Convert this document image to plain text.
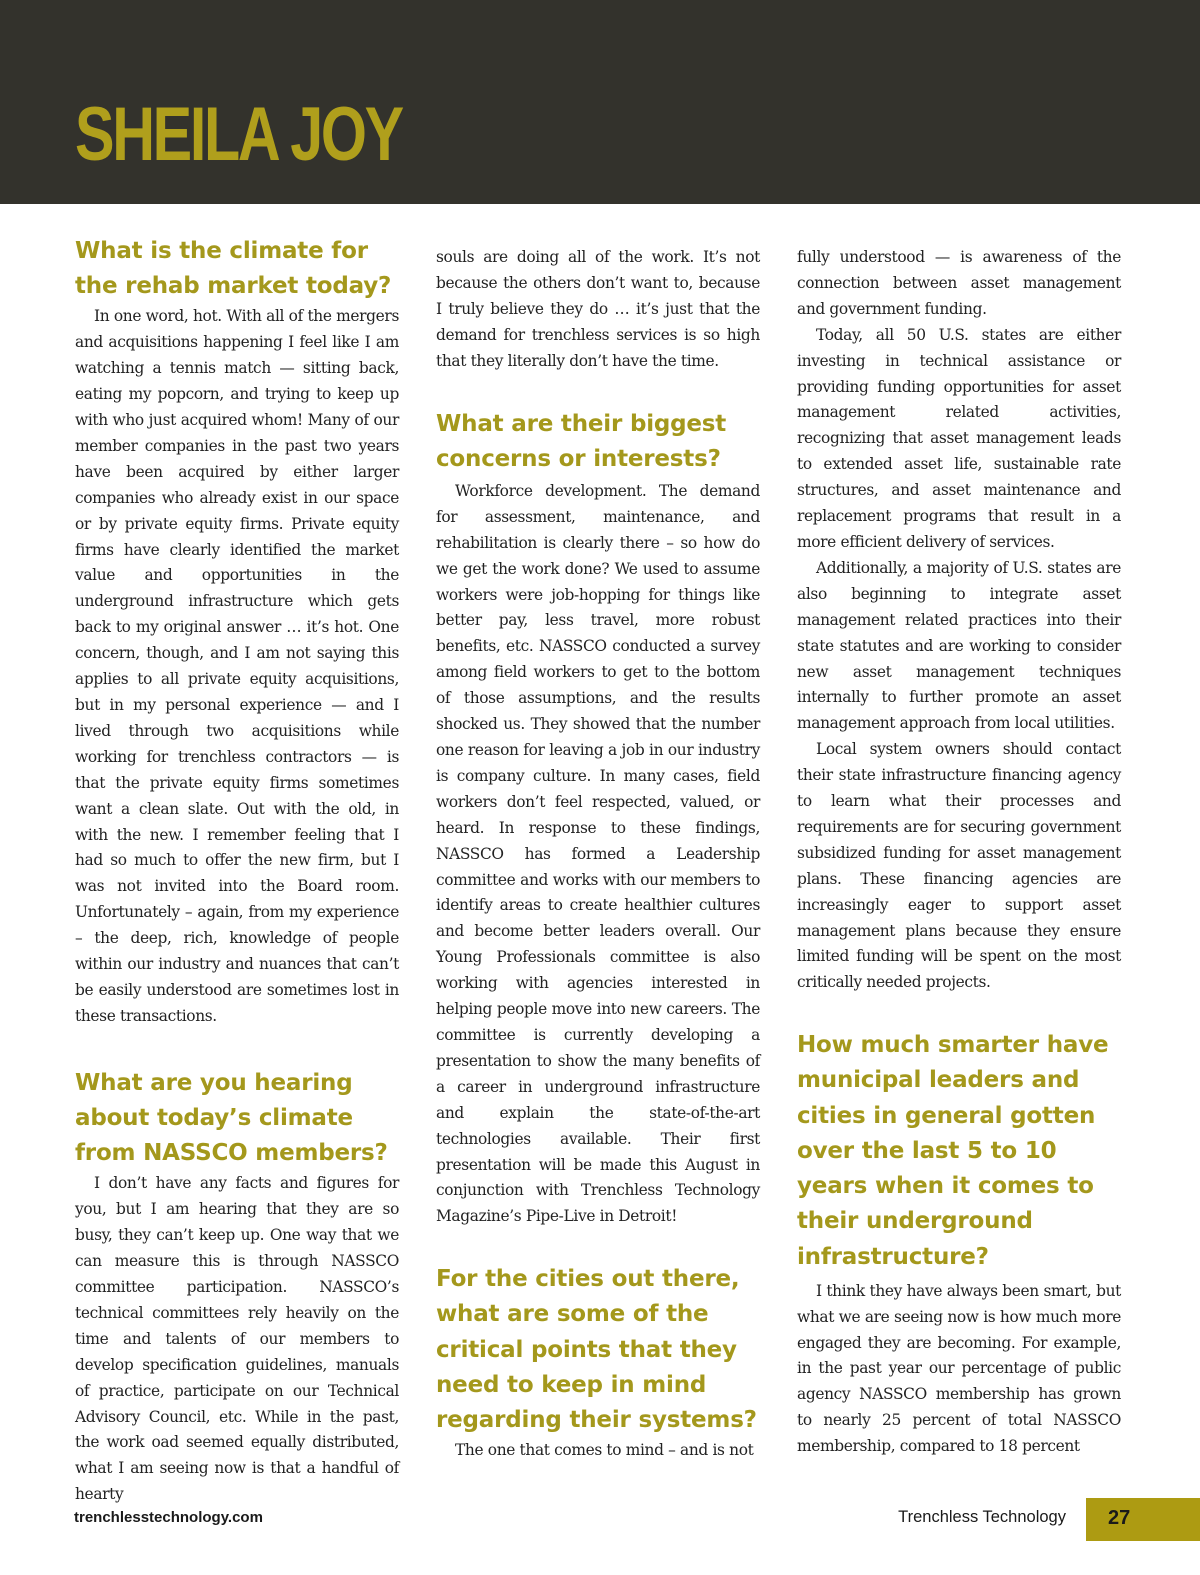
SHEILA JOY
What is the climate for the rehab market today?

In one word, hot. With all of the mergers and acquisitions happening I feel like I am watching a tennis match — sitting back, eating my popcorn, and trying to keep up with who just acquired whom! Many of our member companies in the past two years have been acquired by either larger companies who already exist in our space or by private equity firms. Private equity firms have clearly identified the market value and opportunities in the underground infrastructure which gets back to my original answer … it’s hot. One concern, though, and I am not saying this applies to all private equity acquisitions, but in my personal experience — and I lived through two acquisitions while working for trenchless contractors — is that the private equity firms sometimes want a clean slate. Out with the old, in with the new. I remember feeling that I had so much to offer the new firm, but I was not invited into the Board room. Unfortunately – again, from my experience – the deep, rich, knowledge of people within our industry and nuances that can’t be easily understood are sometimes lost in these transactions.

What are you hearing about today’s climate from NASSCO members?

I don’t have any facts and figures for you, but I am hearing that they are so busy, they can’t keep up. One way that we can measure this is through NASSCO committee participation. NASSCO’s technical committees rely heavily on the time and talents of our members to develop specification guidelines, manuals of practice, participate on our Technical Advisory Council, etc. While in the past, the work oad seemed equally distributed, what I am seeing now is that a handful of hearty

souls are doing all of the work. It’s not because the others don’t want to, because I truly believe they do … it’s just that the demand for trenchless services is so high that they literally don’t have the time.

What are their biggest concerns or interests?

Workforce development. The demand for assessment, maintenance, and rehabilitation is clearly there – so how do we get the work done? We used to assume workers were job-hopping for things like better pay, less travel, more robust benefits, etc. NASSCO conducted a survey among field workers to get to the bottom of those assumptions, and the results shocked us. They showed that the number one reason for leaving a job in our industry is company culture. In many cases, field workers don’t feel respected, valued, or heard. In response to these findings, NASSCO has formed a Leadership committee and works with our members to identify areas to create healthier cultures and become better leaders overall. Our Young Professionals committee is also working with agencies interested in helping people move into new careers. The committee is currently developing a presentation to show the many benefits of a career in underground infrastructure and explain the state-of-the-art technologies available. Their first presentation will be made this August in conjunction with Trenchless Technology Magazine’s Pipe-Live in Detroit!

For the cities out there, what are some of the critical points that they need to keep in mind regarding their systems?

The one that comes to mind – and is not

fully understood — is awareness of the connection between asset management and government funding.

Today, all 50 U.S. states are either investing in technical assistance or providing funding opportunities for asset management related activities, recognizing that asset management leads to extended asset life, sustainable rate structures, and asset maintenance and replacement programs that result in a more efficient delivery of services.

Additionally, a majority of U.S. states are also beginning to integrate asset management related practices into their state statutes and are working to consider new asset management techniques internally to further promote an asset management approach from local utilities.

Local system owners should contact their state infrastructure financing agency to learn what their processes and requirements are for securing government subsidized funding for asset management plans. These financing agencies are increasingly eager to support asset management plans because they ensure limited funding will be spent on the most critically needed projects.

How much smarter have municipal leaders and cities in general gotten over the last 5 to 10 years when it comes to their underground infrastructure?

I think they have always been smart, but what we are seeing now is how much more engaged they are becoming. For example, in the past year our percentage of public agency NASSCO membership has grown to nearly 25 percent of total NASSCO membership, compared to 18 percent

trenchlesstechnology.com	Trenchless Technology 27
